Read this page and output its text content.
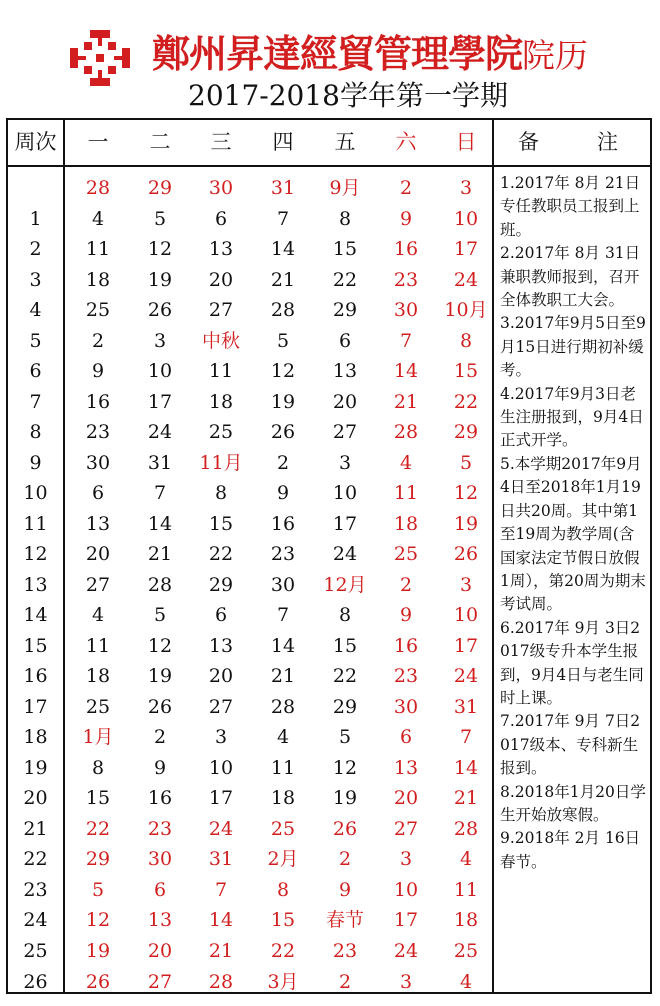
鄭州昇達經貿管理學院院历
2017-2018学年第一学期
周次	一	二	三	四	五	六	日	备	注
28	29	30	31	9月	2	3
1	4	5	6	7	8	9	10
2	11	12	13	14	15	16	17
3	18	19	20	21	22	23	24
4	25	26	27	28	29	30	10月
5	2	3	中秋	5	6	7	8
6	9	10	11	12	13	14	15
7	16	17	18	19	20	21	22
8	23	24	25	26	27	28	29
9	30	31	11月	2	3	4	5
10	6	7	8	9	10	11	12
11	13	14	15	16	17	18	19
12	20	21	22	23	24	25	26
13	27	28	29	30	12月	2	3
14	4	5	6	7	8	9	10
15	11	12	13	14	15	16	17
16	18	19	20	21	22	23	24
17	25	26	27	28	29	30	31
18	1月	2	3	4	5	6	7
19	8	9	10	11	12	13	14
20	15	16	17	18	19	20	21
21	22	23	24	25	26	27	28
22	29	30	31	2月	2	3	4
23	5	6	7	8	9	10	11
24	12	13	14	15	春节	17	18
25	19	20	21	22	23	24	25
26	26	27	28	3月	2	3	4

1.2017年 8月 21日专任教职员工报到上班。

2.2017年 8月 31日兼职教师报到，召开全体教职工大会。

3.2017年9月5日至9月15日进行期初补缓考。

4.2017年9月3日老生注册报到，9月4日正式开学。

5.本学期2017年9月4日至2018年1月19日共20周。其中第1至19周为教学周(含国家法定节假日放假1周），第20周为期末考试周。

6.2017年 9月 3日2017级专升本学生报到，9月4日与老生同时上课。

7.2017年 9月 7日2017级本、专科新生报到。

8.2018年1月20日学生开始放寒假。

9.2018年 2月 16日春节。
